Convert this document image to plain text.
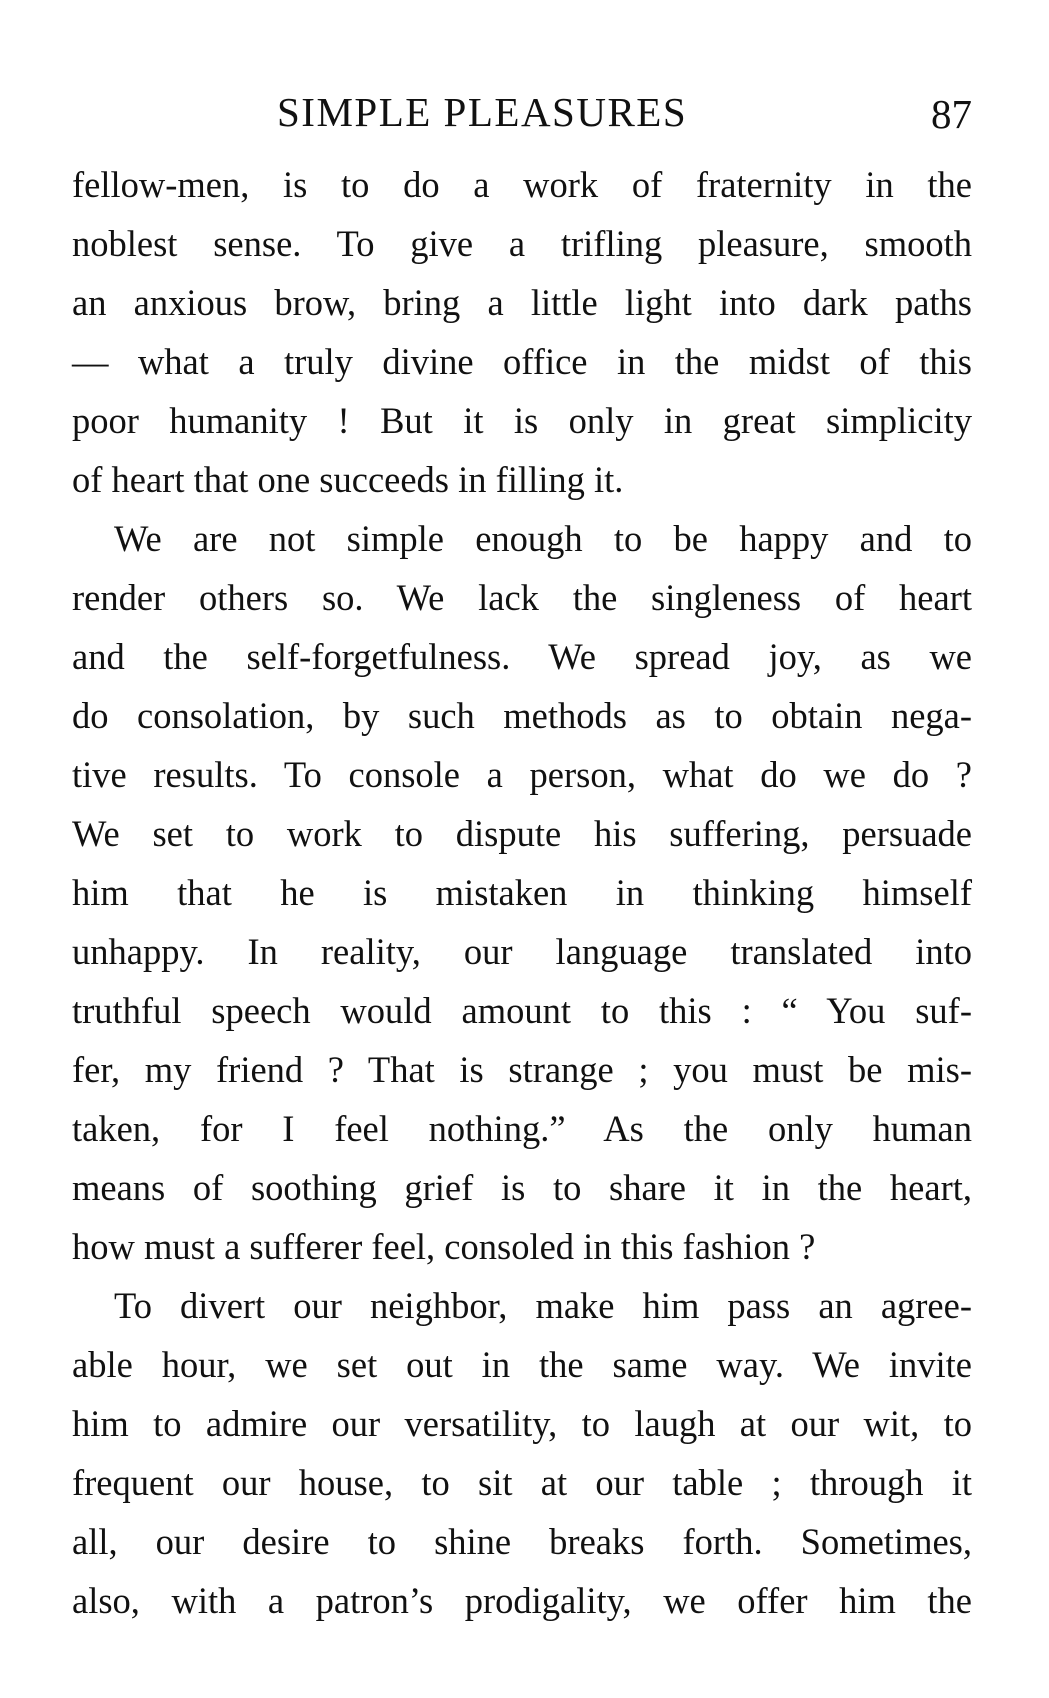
SIMPLE PLEASURES	87
fellow-men, is to do a work of fraternity in the
noblest sense. To give a trifling pleasure, smooth
an anxious brow, bring a little light into dark paths
— what a truly divine office in the midst of this
poor humanity ! But it is only in great simplicity
of heart that one succeeds in filling it.
We are not simple enough to be happy and to
render others so. We lack the singleness of heart
and the self-forgetfulness. We spread joy, as we
do consolation, by such methods as to obtain nega-
tive results. To console a person, what do we do ?
We set to work to dispute his suffering, persuade
him that he is mistaken in thinking himself
unhappy. In reality, our language translated into
truthful speech would amount to this : “ You suf-
fer, my friend ? That is strange ; you must be mis-
taken, for I feel nothing.” As the only human
means of soothing grief is to share it in the heart,
how must a sufferer feel, consoled in this fashion ?
To divert our neighbor, make him pass an agree-
able hour, we set out in the same way. We invite
him to admire our versatility, to laugh at our wit, to
frequent our house, to sit at our table ; through it
all, our desire to shine breaks forth. Sometimes,
also, with a patron’s prodigality, we offer him the
